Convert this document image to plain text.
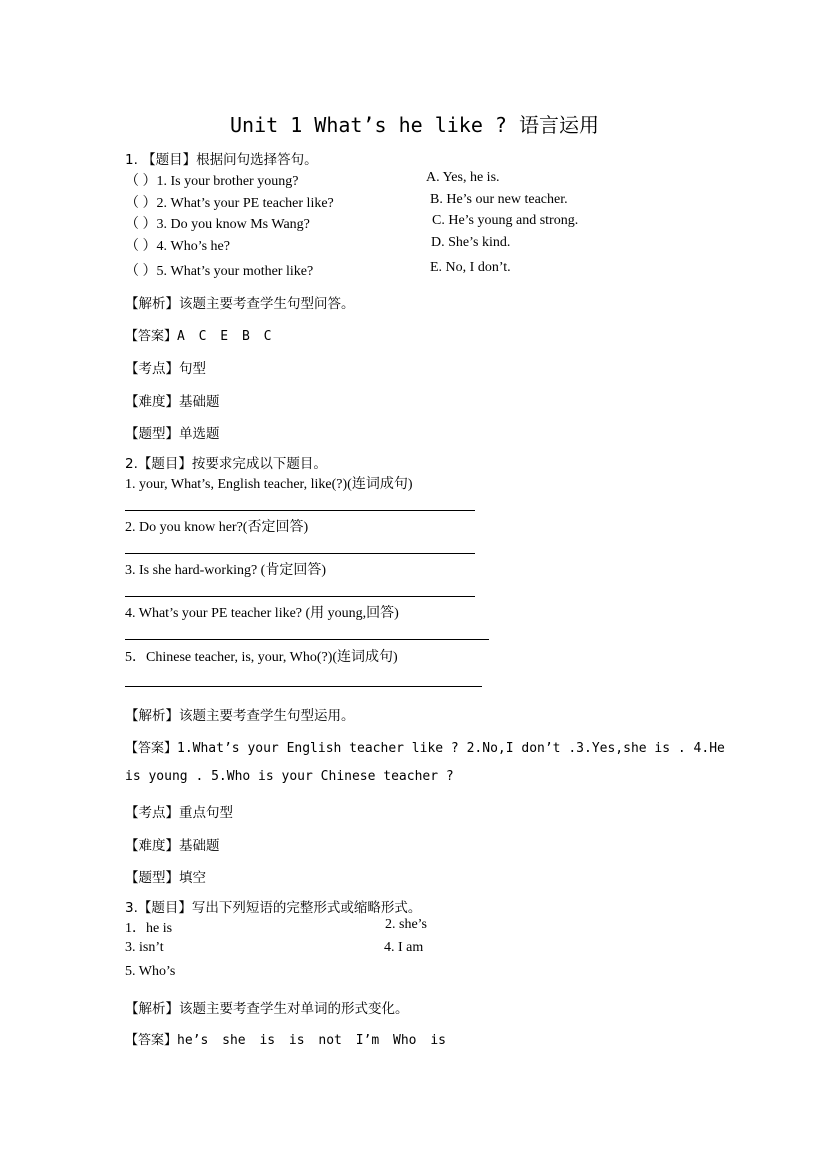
Unit 1 What’s he like ? 语言运用
1. 【题目】根据问句选择答句。
（ ）1. Is your brother young?
（ ）2. What’s your PE teacher like?
（ ）3. Do you know Ms Wang?
（ ）4. Who’s he?
（ ）5. What’s your mother like?
A. Yes, he is.
B. He’s our new teacher.
C. He’s young and strong.
D. She’s kind.
E. No, I don’t.
【解析】该题主要考查学生句型问答。
【答案】A C E B C
【考点】句型
【难度】基础题
【题型】单选题
2.【题目】按要求完成以下题目。
1. your, What’s, English teacher, like(?)(连词成句)
2. Do you know her?(否定回答)
3. Is she hard-working? (肯定回答)
4. What’s your PE teacher like? (用 young,回答)
5．Chinese teacher, is, your, Who(?)(连词成句)
【解析】该题主要考查学生句型运用。
【答案】1.What’s your English teacher like ? 2.No,I don’t .3.Yes,she is . 4.He
is young . 5.Who is your Chinese teacher ?
【考点】重点句型
【难度】基础题
【题型】填空
3.【题目】写出下列短语的完整形式或缩略形式。
1．he is	2. she’s
3. isn’t	4. I am
5. Who’s
【解析】该题主要考查学生对单词的形式变化。
【答案】he’s she is is not I’m Who is
